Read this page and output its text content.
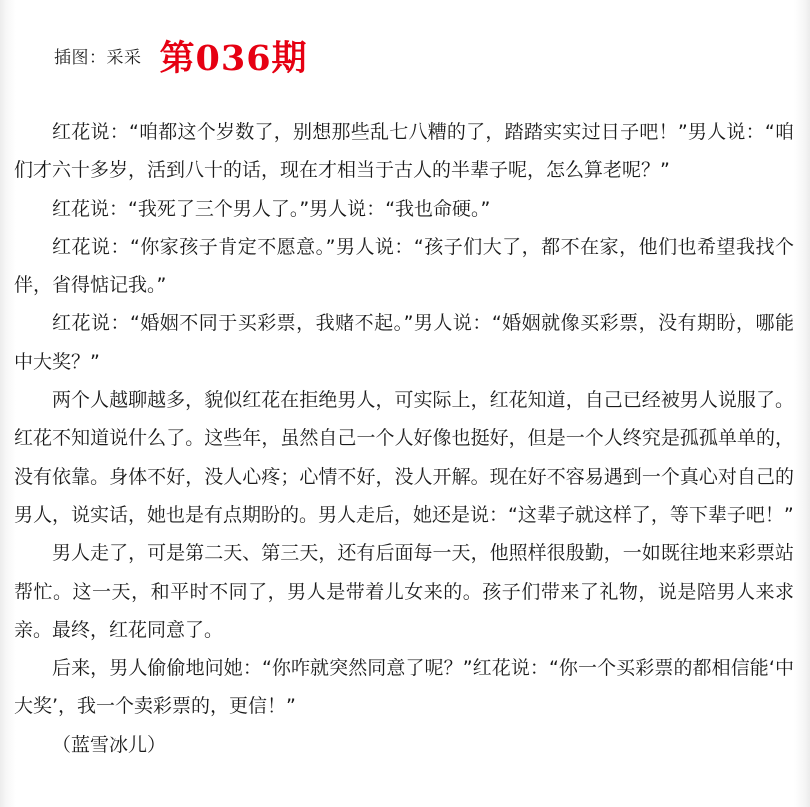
插图：采采 第036期

红花说：“咱都这个岁数了，别想那些乱七八糟的了，踏踏实实过日子吧！”男人说：“咱们才六十多岁，活到八十的话，现在才相当于古人的半辈子呢，怎么算老呢？”

红花说：“我死了三个男人了。”男人说：“我也命硬。”

红花说：“你家孩子肯定不愿意。”男人说：“孩子们大了，都不在家，他们也希望我找个伴，省得惦记我。”

红花说：“婚姻不同于买彩票，我赌不起。”男人说：“婚姻就像买彩票，没有期盼，哪能中大奖？”

两个人越聊越多，貌似红花在拒绝男人，可实际上，红花知道，自己已经被男人说服了。红花不知道说什么了。这些年，虽然自己一个人好像也挺好，但是一个人终究是孤孤单单的，没有依靠。身体不好，没人心疼；心情不好，没人开解。现在好不容易遇到一个真心对自己的男人，说实话，她也是有点期盼的。男人走后，她还是说：“这辈子就这样了，等下辈子吧！”

男人走了，可是第二天、第三天，还有后面每一天，他照样很殷勤，一如既往地来彩票站帮忙。这一天，和平时不同了，男人是带着儿女来的。孩子们带来了礼物，说是陪男人来求亲。最终，红花同意了。

后来，男人偷偷地问她：“你咋就突然同意了呢？”红花说：“你一个买彩票的都相信能‘中大奖’，我一个卖彩票的，更信！”

（蓝雪冰儿）
